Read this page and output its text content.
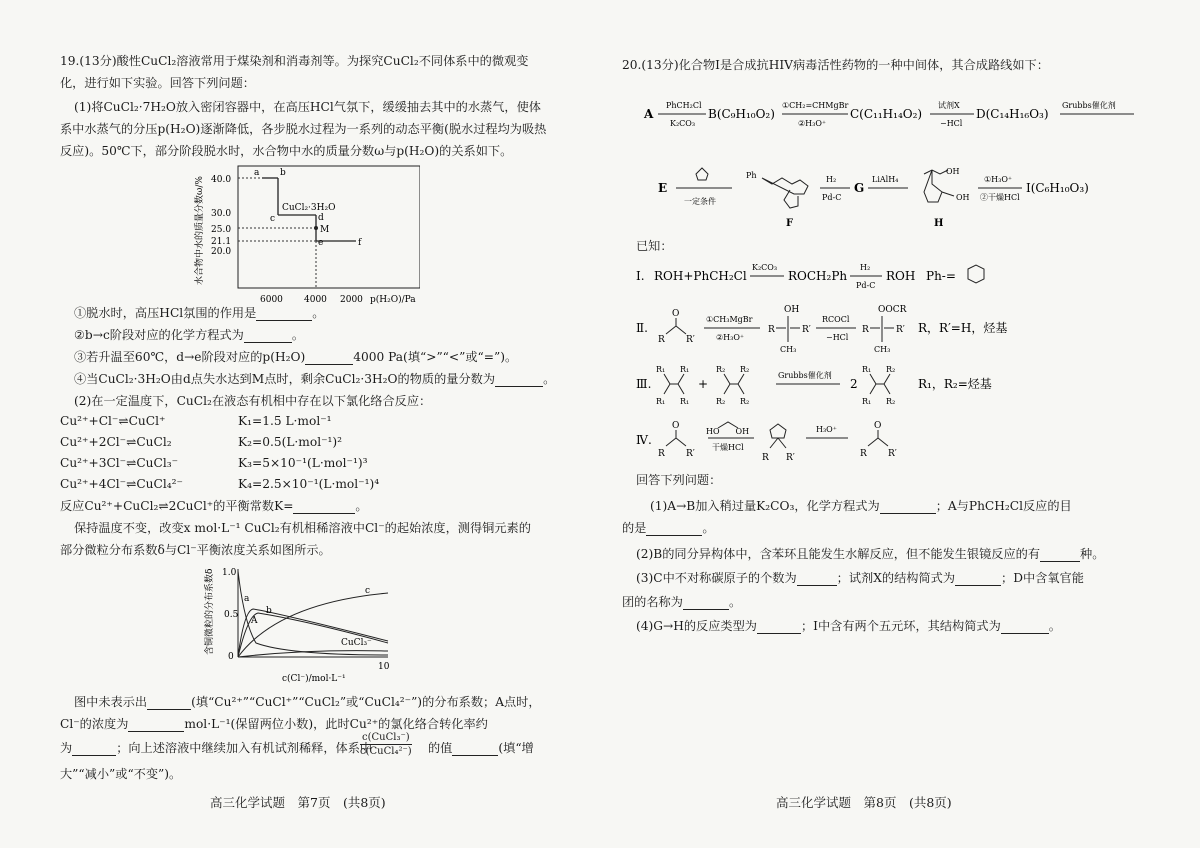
19.(13分)酸性CuCl₂溶液常用于煤染剂和消毒剂等。为探究CuCl₂不同体系中的微观变
化，进行如下实验。回答下列问题：
(1)将CuCl₂·7H₂O放入密闭容器中，在高压HCl气氛下，缓缓抽去其中的水蒸气，使体
系中水蒸气的分压p(H₂O)逐渐降低，各步脱水过程为一系列的动态平衡(脱水过程均为吸热
反应)。50℃下，部分阶段脱水时，水合物中水的质量分数ω与p(H₂O)的关系如下。
水合物中水的质量分数ω/% 40.0
30.0
25.0
21.1
20.0
a b
c	d
M
e	f
CuCl₂·3H₂O
6000 4000 2000 p(H₂O)/Pa
①脱水时，高压HCl氛围的作用是	。
②b→c阶段对应的化学方程式为	。
③若升温至60℃，d→e阶段对应的p(H₂O)	4000 Pa(填“>”“<”或“=”)。
④当CuCl₂·3H₂O由d点失水达到M点时，剩余CuCl₂·3H₂O的物质的量分数为	。
(2)在一定温度下，CuCl₂在液态有机相中存在以下氯化络合反应：
Cu²⁺+Cl⁻⇌CuCl⁺	K₁=1.5 L·mol⁻¹
Cu²⁺+2Cl⁻⇌CuCl₂	K₂=0.5(L·mol⁻¹)²
Cu²⁺+3Cl⁻⇌CuCl₃⁻	K₃=5×10⁻¹(L·mol⁻¹)³
Cu²⁺+4Cl⁻⇌CuCl₄²⁻	K₄=2.5×10⁻¹(L·mol⁻¹)⁴
反应Cu²⁺+CuCl₂⇌2CuCl⁺的平衡常数K=	。
保持温度不变，改变x mol·L⁻¹ CuCl₂有机相稀溶液中Cl⁻的起始浓度，测得铜元素的
部分微粒分布系数δ与Cl⁻平衡浓度关系如图所示。
含铜微粒的分布系数δ 1.0
0.5
0
a
b
c
A
CuCl₃⁻
10
c(Cl⁻)/mol·L⁻¹
图中未表示出	(填“Cu²⁺”“CuCl⁺”“CuCl₂”或“CuCl₄²⁻”)的分布系数；A点时，
Cl⁻的浓度为	mol·L⁻¹(保留两位小数)，此时Cu²⁺的氯化络合转化率约
为	；向上述溶液中继续加入有机试剂稀释，体系中
c(CuCl₃⁻)
c(CuCl₄²⁻) 的值	(填“增
大”“减小”或“不变”)。
高三化学试题　第7页　(共8页)
20.(13分)化合物I是合成抗HIV病毒活性药物的一种中间体，其合成路线如下：
A
PhCH₂Cl
K₂CO₃
B(C₉H₁₀O₂)
①CH₂=CHMgBr
②H₃O⁺
C(C₁₁H₁₄O₂)
试剂X
−HCl
D(C₁₄H₁₆O₃)
Grubbs催化剂
E
一定条件
Ph
F
H₂
Pd-C
G
LiAlH₄
OH
OH
H
①H₃O⁺
②干燥HCl
I(C₆H₁₀O₃)
已知：
Ⅰ. ROH+PhCH₂Cl
K₂CO₃
ROCH₂Ph
H₂
Pd-C
ROH Ph-=
Ⅱ.
O
R R′
①CH₃MgBr
②H₃O⁺
R
OH
R′
CH₃
RCOCl
−HCl
R
OOCR
R′
CH₃
R，R′=H，烃基
Ⅲ.
R₁
R₁
R₁
R₁
+
R₂
R₂
R₂
R₂
Grubbs催化剂
2
R₁
R₁
R₂
R₂
R₁，R₂=烃基
Ⅳ.
O
R R′
HO　　OH
干燥HCl
R R′
H₃O⁺	O
R R′
回答下列问题：
(1)A→B加入稍过量K₂CO₃，化学方程式为	；A与PhCH₂Cl反应的目
的是	。
(2)B的同分异构体中，含苯环且能发生水解反应，但不能发生银镜反应的有	种。
(3)C中不对称碳原子的个数为	；试剂X的结构简式为	；D中含氧官能
团的名称为	。
(4)G→H的反应类型为	；I中含有两个五元环，其结构简式为	。
高三化学试题　第8页　(共8页)
